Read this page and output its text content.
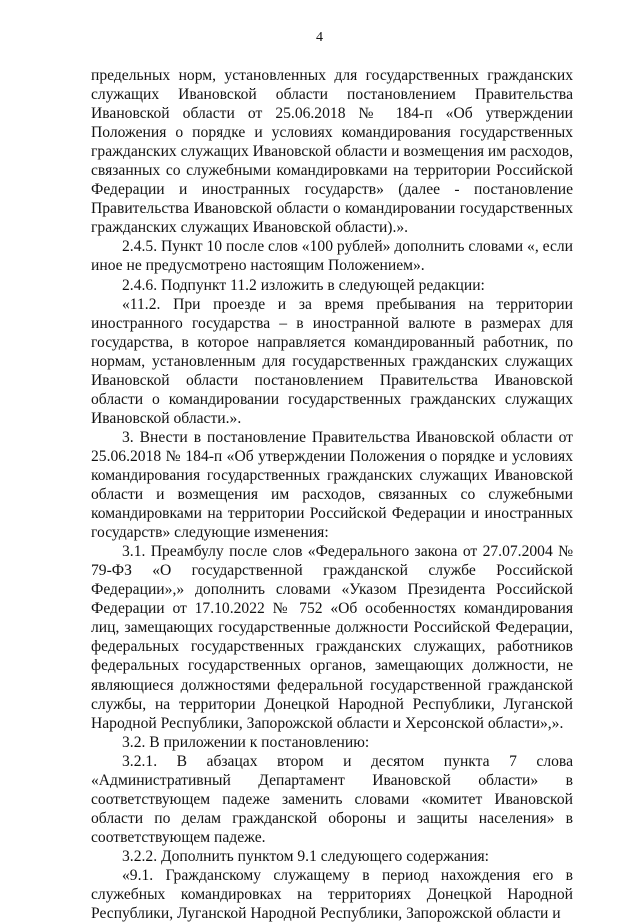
4

предельных норм, установленных для государственных гражданских служащих Ивановской области постановлением Правительства Ивановской области от 25.06.2018 № 184-п «Об утверждении Положения о порядке и условиях командирования государственных гражданских служащих Ивановской области и возмещения им расходов, связанных со служебными командировками на территории Российской Федерации и иностранных государств» (далее - постановление Правительства Ивановской области о командировании государственных гражданских служащих Ивановской области).».

2.4.5. Пункт 10 после слов «100 рублей» дополнить словами «, если иное не предусмотрено настоящим Положением».

2.4.6. Подпункт 11.2 изложить в следующей редакции:

«11.2. При проезде и за время пребывания на территории иностранного государства – в иностранной валюте в размерах для государства, в которое направляется командированный работник, по нормам, установленным для государственных гражданских служащих Ивановской области постановлением Правительства Ивановской области о командировании государственных гражданских служащих Ивановской области.».

3. Внести в постановление Правительства Ивановской области от 25.06.2018 № 184-п «Об утверждении Положения о порядке и условиях командирования государственных гражданских служащих Ивановской области и возмещения им расходов, связанных со служебными командировками на территории Российской Федерации и иностранных государств» следующие изменения:

3.1. Преамбулу после слов «Федерального закона от 27.07.2004 № 79-ФЗ «О государственной гражданской службе Российской Федерации»,» дополнить словами «Указом Президента Российской Федерации от 17.10.2022 № 752 «Об особенностях командирования лиц, замещающих государственные должности Российской Федерации, федеральных государственных гражданских служащих, работников федеральных государственных органов, замещающих должности, не являющиеся должностями федеральной государственной гражданской службы, на территории Донецкой Народной Республики, Луганской Народной Республики, Запорожской области и Херсонской области»,».

3.2. В приложении к постановлению:

3.2.1. В абзацах втором и десятом пункта 7 слова «Административный Департамент Ивановской области» в соответствующем падеже заменить словами «комитет Ивановской области по делам гражданской обороны и защиты населения» в соответствующем падеже.

3.2.2. Дополнить пунктом 9.1 следующего содержания:

«9.1. Гражданскому служащему в период нахождения его в служебных командировках на территориях Донецкой Народной Республики, Луганской Народной Республики, Запорожской области и
